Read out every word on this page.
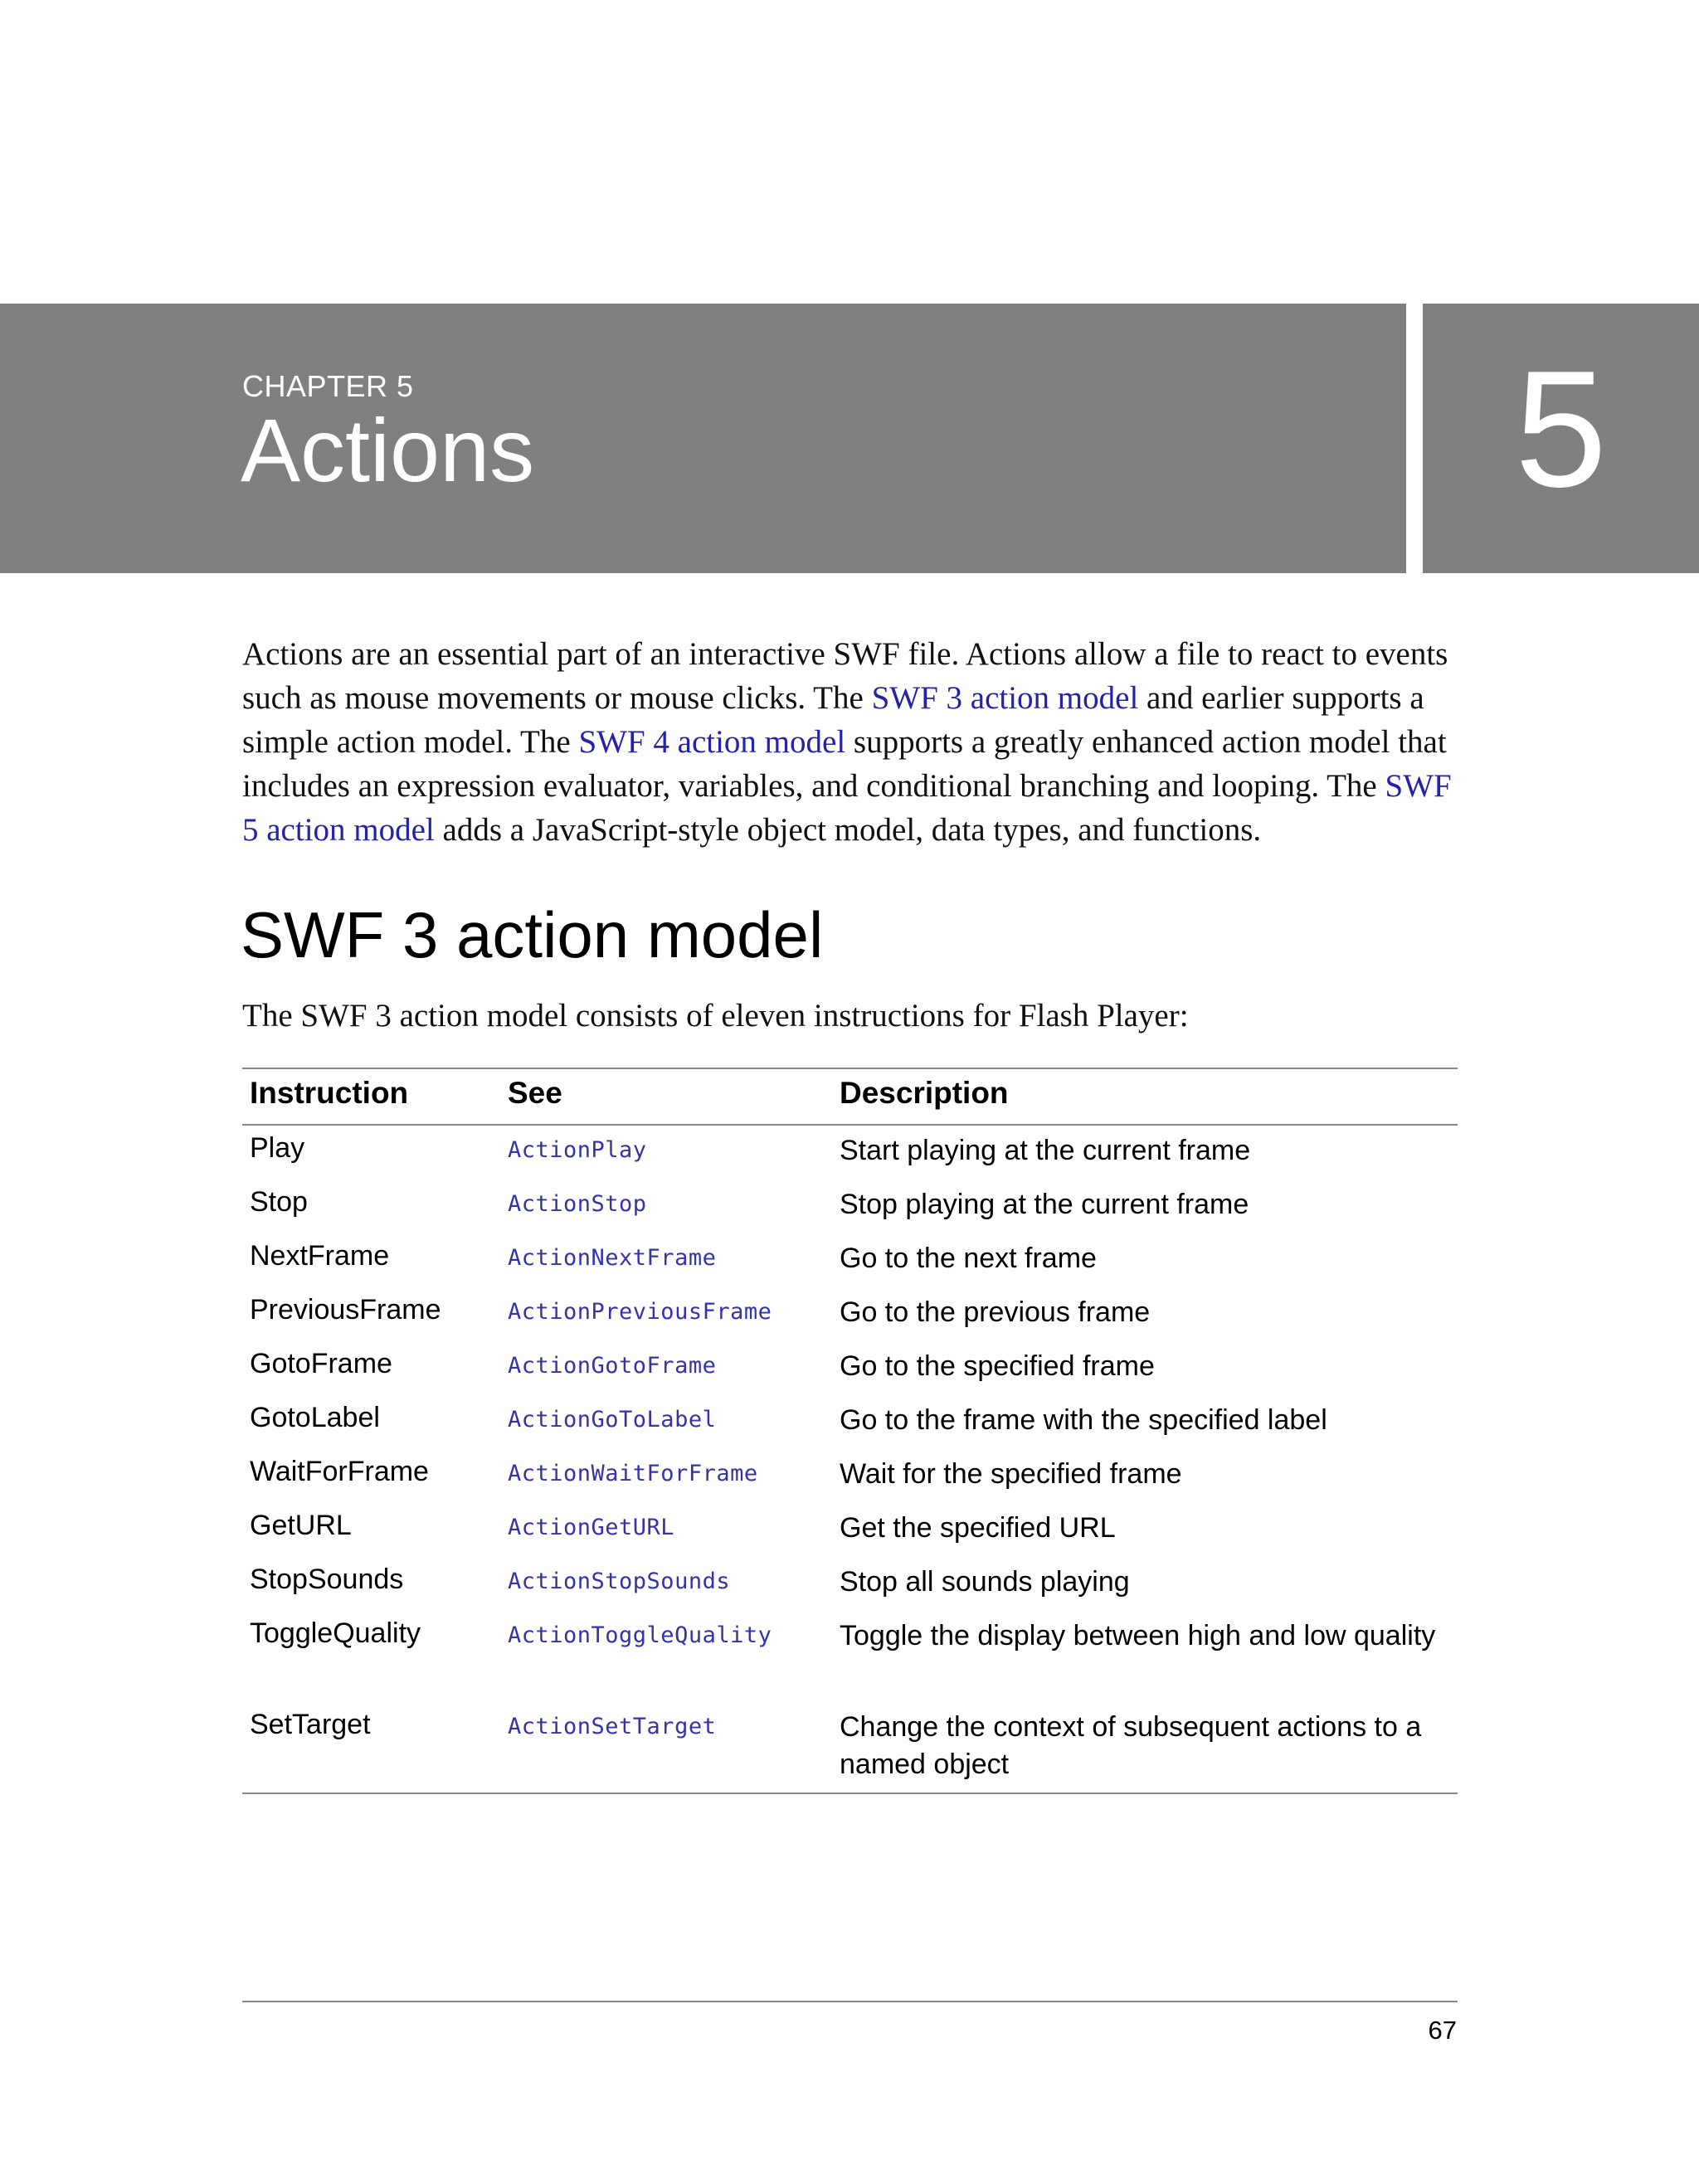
CHAPTER 5
Actions	5
Actions are an essential part of an interactive SWF file. Actions allow a file to react to events such as mouse movements or mouse clicks. The SWF 3 action model and earlier supports a simple action model. The SWF 4 action model supports a greatly enhanced action model that includes an expression evaluator, variables, and conditional branching and looping. The SWF 5 action model adds a JavaScript-style object model, data types, and functions.
SWF 3 action model
The SWF 3 action model consists of eleven instructions for Flash Player:
Instruction	See	Description
Play	ActionPlay	Start playing at the current frame
Stop	ActionStop	Stop playing at the current frame
NextFrame	ActionNextFrame	Go to the next frame
PreviousFrame	ActionPreviousFrame Go to the previous frame
GotoFrame	ActionGotoFrame	Go to the specified frame
GotoLabel	ActionGoToLabel	Go to the frame with the specified label
WaitForFrame	ActionWaitForFrame	Wait for the specified frame
GetURL	ActionGetURL	Get the specified URL
StopSounds	ActionStopSounds	Stop all sounds playing
ToggleQuality	ActionToggleQuality Toggle the display between high and low quality
SetTarget	ActionSetTarget	Change the context of subsequent actions to a named object
67
